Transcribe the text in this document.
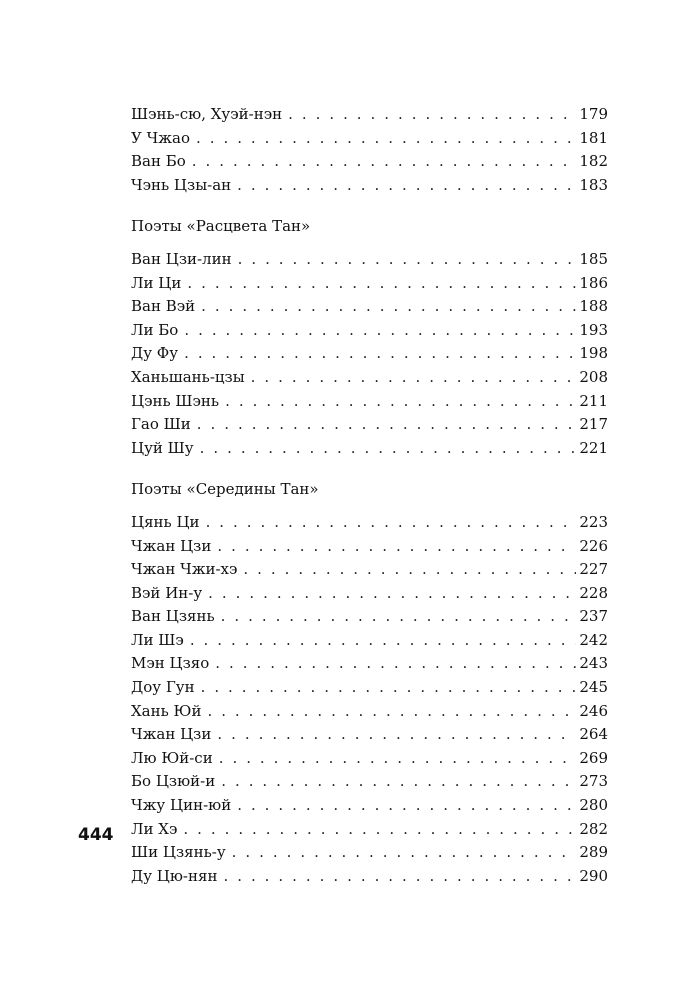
Шэнь-сю, Хуэй-нэн . . .	179
У Чжао . . .	181
Ван Бо . . .	182
Чэнь Цзы-ан . . .	183
Поэты «Расцвета Тан»
Ван Цзи-лин . . .	185
Ли Ци . . .	186
Ван Вэй . . .	188
Ли Бо . . .	193
Ду Фу . . .	198
Ханьшань-цзы . . .	208
Цэнь Шэнь . . .	211
Гао Ши . . .	217
Цуй Шу . . .	221
Поэты «Середины Тан»
Цянь Ци . . .	223
Чжан Цзи . . .	226
Чжан Чжи-хэ . . .	227
Вэй Ин-у . . .	228
Ван Цзянь . . .	237
Ли Шэ . . .	242
Мэн Цзяо . . .	243
Доу Гун . . .	245
Хань Юй . . .	246
Чжан Цзи . . .	264
Лю Юй-си . . .	269
Бо Цзюй-и . . .	273
Чжу Цин-юй . . .	280
Ли Хэ . . .	282
Ши Цзянь-у . . .	289
Ду Цю-нян . . .	290
444
